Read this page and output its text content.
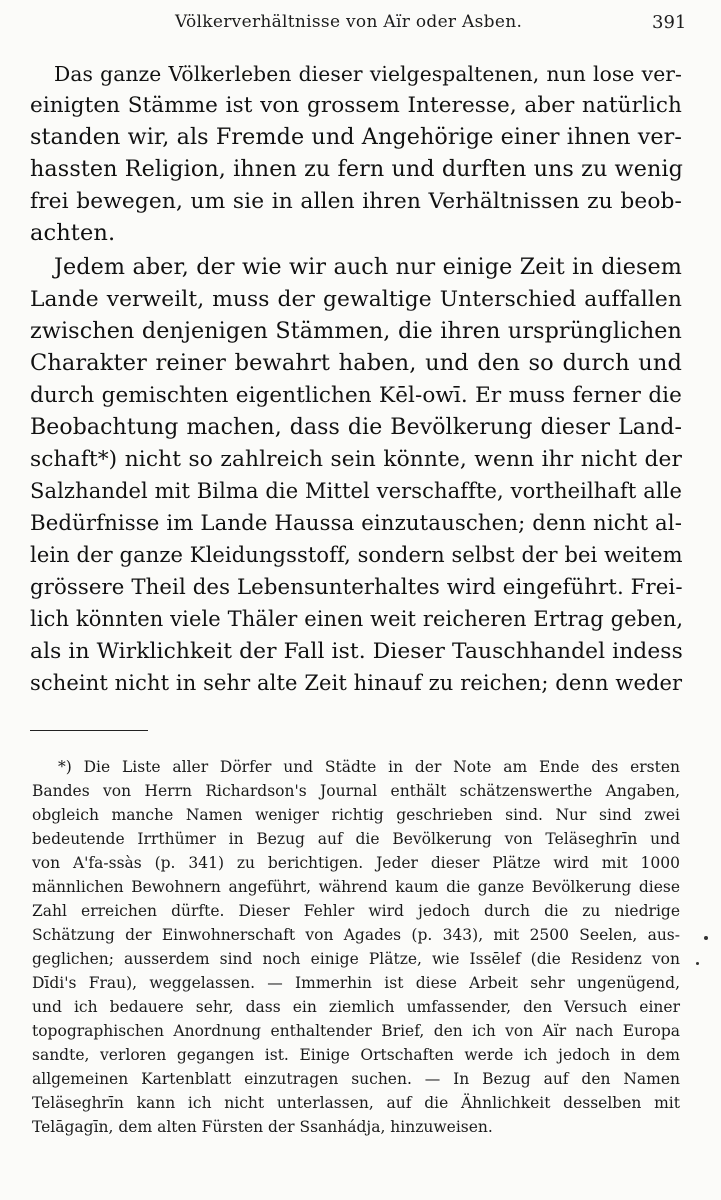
Völkerverhältnisse von Aïr oder Asben.	391
Das ganze Völkerleben dieser vielgespaltenen, nun lose ver-
einigten Stämme ist von grossem Interesse, aber natürlich
standen wir, als Fremde und Angehörige einer ihnen ver-
hassten Religion, ihnen zu fern und durften uns zu wenig
frei bewegen, um sie in allen ihren Verhältnissen zu beob-
achten.
Jedem aber, der wie wir auch nur einige Zeit in diesem
Lande verweilt, muss der gewaltige Unterschied auffallen
zwischen denjenigen Stämmen, die ihren ursprünglichen
Charakter reiner bewahrt haben, und den so durch und
durch gemischten eigentlichen Kēl-owī. Er muss ferner die
Beobachtung machen, dass die Bevölkerung dieser Land-
schaft*) nicht so zahlreich sein könnte, wenn ihr nicht der
Salzhandel mit Bilma die Mittel verschaffte, vortheilhaft alle
Bedürfnisse im Lande Haussa einzutauschen; denn nicht al-
lein der ganze Kleidungsstoff, sondern selbst der bei weitem
grössere Theil des Lebensunterhaltes wird eingeführt. Frei-
lich könnten viele Thäler einen weit reicheren Ertrag geben,
als in Wirklichkeit der Fall ist. Dieser Tauschhandel indess
scheint nicht in sehr alte Zeit hinauf zu reichen; denn weder
*) Die Liste aller Dörfer und Städte in der Note am Ende des ersten
Bandes von Herrn Richardson's Journal enthält schätzenswerthe Angaben,
obgleich manche Namen weniger richtig geschrieben sind. Nur sind zwei
bedeutende Irrthümer in Bezug auf die Bevölkerung von Teläseghrīn und
von A'fa-ssàs (p. 341) zu berichtigen. Jeder dieser Plätze wird mit 1000
männlichen Bewohnern angeführt, während kaum die ganze Bevölkerung diese
Zahl erreichen dürfte. Dieser Fehler wird jedoch durch die zu niedrige
Schätzung der Einwohnerschaft von Agades (p. 343), mit 2500 Seelen, aus-
geglichen; ausserdem sind noch einige Plätze, wie Issēlef (die Residenz von
Dīdi's Frau), weggelassen. — Immerhin ist diese Arbeit sehr ungenügend,
und ich bedauere sehr, dass ein ziemlich umfassender, den Versuch einer
topographischen Anordnung enthaltender Brief, den ich von Aïr nach Europa
sandte, verloren gegangen ist. Einige Ortschaften werde ich jedoch in dem
allgemeinen Kartenblatt einzutragen suchen. — In Bezug auf den Namen
Teläseghrīn kann ich nicht unterlassen, auf die Ähnlichkeit desselben mit
Telāgagīn, dem alten Fürsten der Ssanhádja, hinzuweisen.
